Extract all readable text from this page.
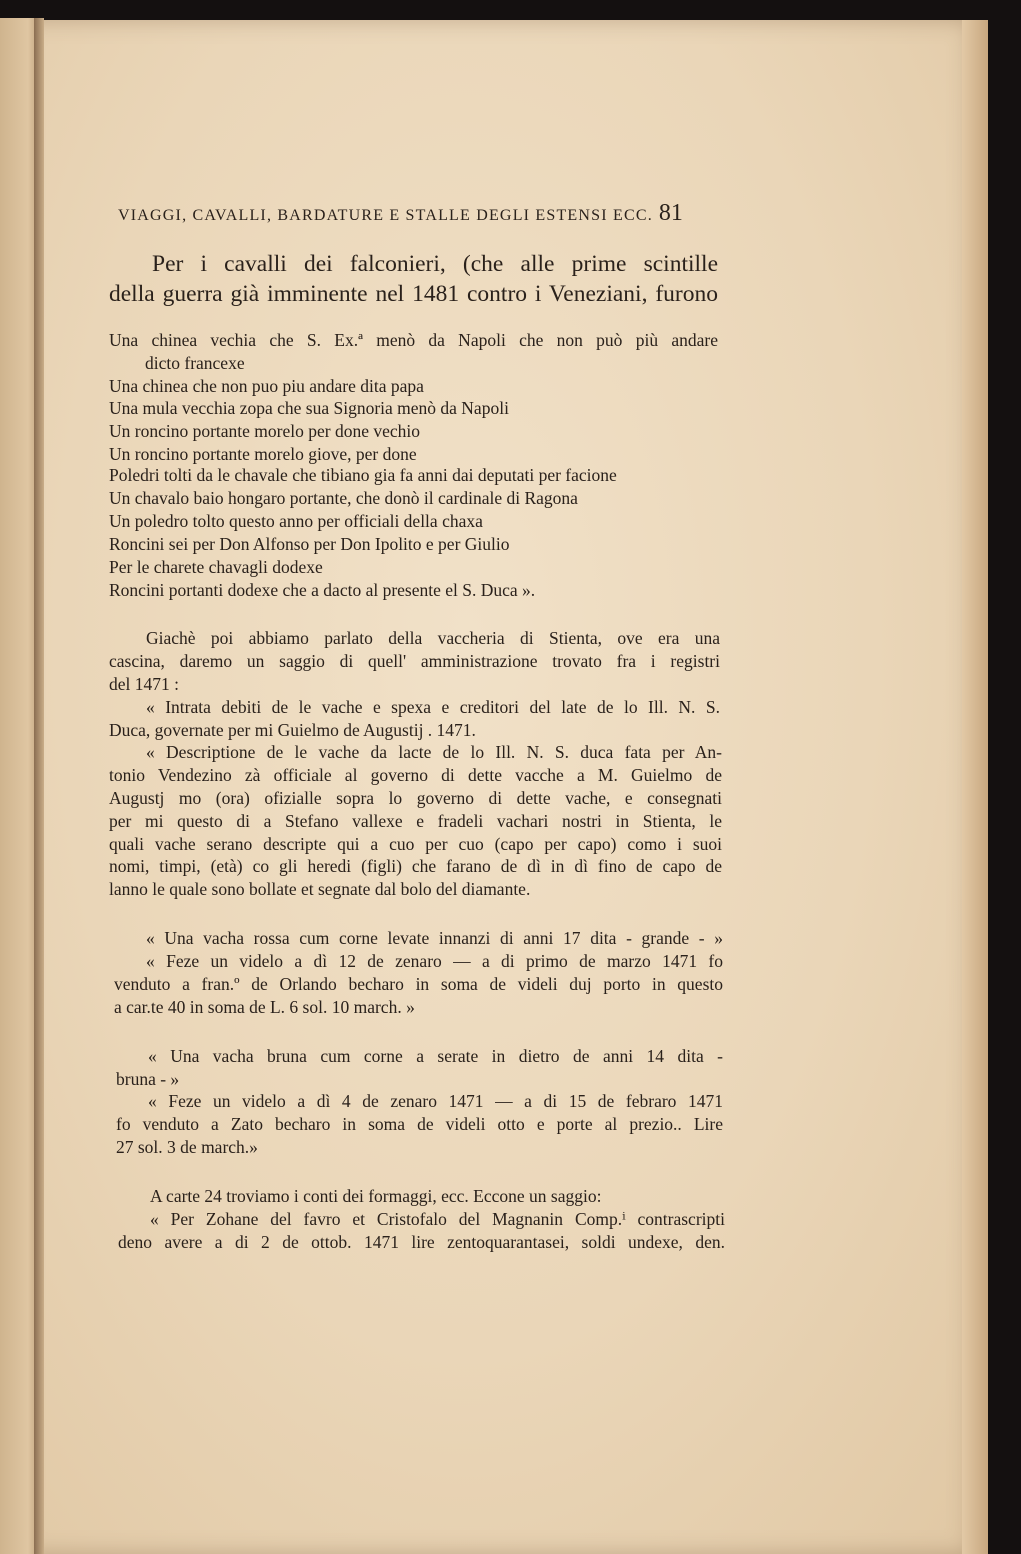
VIAGGI, CAVALLI, BARDATURE E STALLE DEGLI ESTENSI ECC. 81
Per i cavalli dei falconieri, (che alle prime scintille
della guerra già imminente nel 1481 contro i Veneziani, furono
Una chinea vechia che S. Ex.ª menò da Napoli che non può più andare
dicto francexe
Una chinea che non puo piu andare dita papa
Una mula vecchia zopa che sua Signoria menò da Napoli
Un roncino portante morelo per done vechio
Un roncino portante morelo giove, per done
Poledri tolti da le chavale che tibiano gia fa anni dai deputati per facione
Un chavalo baio hongaro portante, che donò il cardinale di Ragona
Un poledro tolto questo anno per officiali della chaxa
Roncini sei per Don Alfonso per Don Ipolito e per Giulio
Per le charete chavagli dodexe
Roncini portanti dodexe che a dacto al presente el S. Duca ».
Giachè poi abbiamo parlato della vaccheria di Stienta, ove era una
cascina, daremo un saggio di quell' amministrazione trovato fra i registri
del 1471 :
« Intrata debiti de le vache e spexa e creditori del late de lo Ill. N. S.
Duca, governate per mi Guielmo de Augustij . 1471.
« Descriptione de le vache da lacte de lo Ill. N. S. duca fata per An-
tonio Vendezino zà officiale al governo di dette vacche a M. Guielmo de
Augustj mo (ora) ofizialle sopra lo governo di dette vache, e consegnati
per mi questo di a Stefano vallexe e fradeli vachari nostri in Stienta, le
quali vache serano descripte qui a cuo per cuo (capo per capo) como i suoi
nomi, timpi, (età) co gli heredi (figli) che farano de dì in dì fino de capo de
lanno le quale sono bollate et segnate dal bolo del diamante.
« Una vacha rossa cum corne levate innanzi di anni 17 dita - grande - »
« Feze un videlo a dì 12 de zenaro — a di primo de marzo 1471 fo
venduto a fran.º de Orlando becharo in soma de videli duj porto in questo
a car.te 40 in soma de L. 6 sol. 10 march. »
« Una vacha bruna cum corne a serate in dietro de anni 14 dita -
bruna - »
« Feze un videlo a dì 4 de zenaro 1471 — a di 15 de febraro 1471
fo venduto a Zato becharo in soma de videli otto e porte al prezio.. Lire
27 sol. 3 de march.»
A carte 24 troviamo i conti dei formaggi, ecc. Eccone un saggio:
« Per Zohane del favro et Cristofalo del Magnanin Comp.ⁱ contrascripti
deno avere a di 2 de ottob. 1471 lire zentoquarantasei, soldi undexe, den.
